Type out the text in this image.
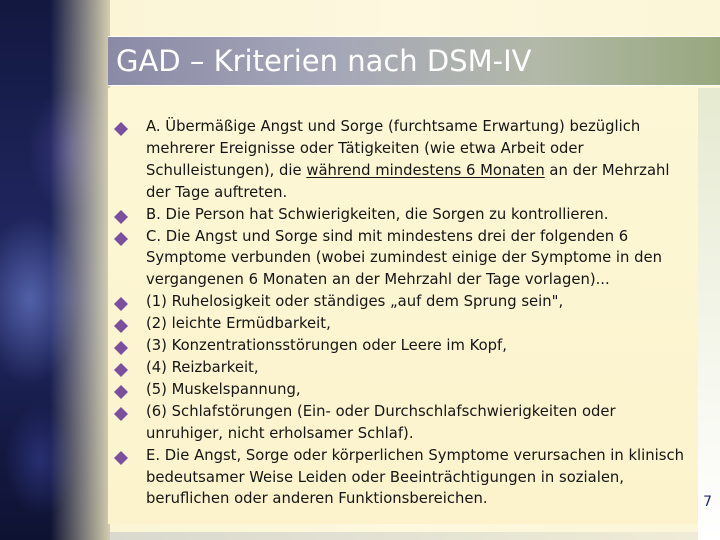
GAD – Kriterien nach DSM-IV
A. Übermäßige Angst und Sorge (furchtsame Erwartung) bezüglich mehrerer Ereignisse oder Tätigkeiten (wie etwa Arbeit oder Schulleistungen), die während mindestens 6 Monaten an der Mehrzahl der Tage auftreten.
B. Die Person hat Schwierigkeiten, die Sorgen zu kontrollieren.
C. Die Angst und Sorge sind mit mindestens drei der folgenden 6 Symptome verbunden (wobei zumindest einige der Symptome in den vergangenen 6 Monaten an der Mehrzahl der Tage vorlagen)...
(1) Ruhelosigkeit oder ständiges „auf dem Sprung sein",
(2) leichte Ermüdbarkeit,
(3) Konzentrationsstörungen oder Leere im Kopf,
(4) Reizbarkeit,
(5) Muskelspannung,
(6) Schlafstörungen (Ein- oder Durchschlafschwierigkeiten oder unruhiger, nicht erholsamer Schlaf).
E. Die Angst, Sorge oder körperlichen Symptome verursachen in klinisch bedeutsamer Weise Leiden oder Beeinträchtigungen in sozialen, beruflichen oder anderen Funktionsbereichen.	7
